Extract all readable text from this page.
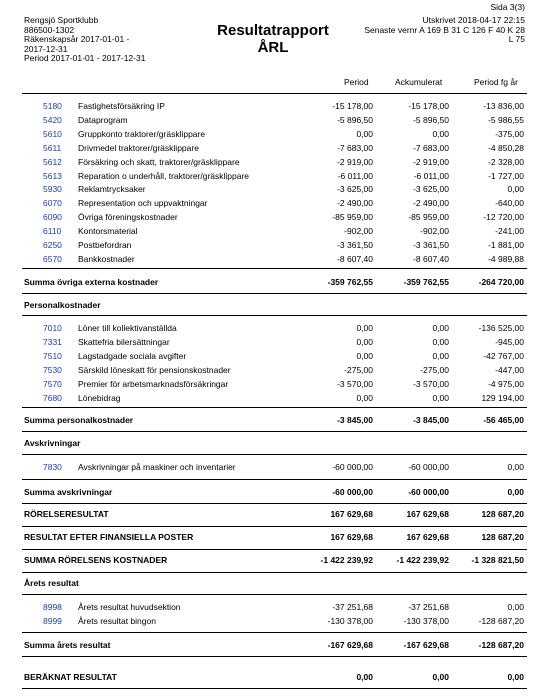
Sida 3(3)
Rengsjö Sportklubb
886500-1302
Räkenskapsår 2017-01-01 -
2017-12-31
Period 2017-01-01 - 2017-12-31
Resultatrapport
ÅRL
Utskrivet 2018-04-17 22:15
Senaste vernr A 169 B 31 C 126 F 40 K 28
L 75
Period	Ackumulerat	Period fg år
5180 Fastighetsförsäkring IP	-15 178,00	-15 178,00	-13 836,00
5420 Dataprogram	-5 896,50	-5 896,50	-5 986,55
5610 Gruppkonto traktorer/gräsklippare	0,00	0,00	-375,00
5611 Drivmedel traktorer/gräsklippare	-7 683,00	-7 683,00	-4 850,28
5612 Försäkring och skatt, traktorer/gräsklippare	-2 919,00	-2 919,00	-2 328,00
5613 Reparation o underhåll, traktorer/gräsklippare	-6 011,00	-6 011,00	-1 727,00
5930 Reklamtrycksaker	-3 625,00	-3 625,00	0,00
6070 Representation och uppvaktningar	-2 490,00	-2 490,00	-640,00
6090 Övriga föreningskostnader	-85 959,00	-85 959,00	-12 720,00
6110 Kontorsmaterial	-902,00	-902,00	-241,00
6250 Postbefordran	-3 361,50	-3 361,50	-1 881,00
6570 Bankkostnader	-8 607,40	-8 607,40	-4 989,88
Summa övriga externa kostnader	-359 762,55	-359 762,55	-264 720,00
Personalkostnader
7010 Löner till kollektivanställda	0,00	0,00	-136 525,00
7331 Skattefria bilersättningar	0,00	0,00	-945,00
7510 Lagstadgade sociala avgifter	0,00	0,00	-42 767,00
7530 Särskild löneskatt för pensionskostnader	-275,00	-275,00	-447,00
7570 Premier för arbetsmarknadsförsäkringar	-3 570,00	-3 570,00	-4 975,00
7680 Lönebidrag	0,00	0,00	129 194,00
Summa personalkostnader	-3 845,00	-3 845,00	-56 465,00
Avskrivningar
7830 Avskrivningar på maskiner och inventarier	-60 000,00	-60 000,00	0,00
Summa avskrivningar	-60 000,00	-60 000,00	0,00
RÖRELSERESULTAT	167 629,68	167 629,68	128 687,20
RESULTAT EFTER FINANSIELLA POSTER	167 629,68	167 629,68	128 687,20
SUMMA RÖRELSENS KOSTNADER	-1 422 239,92	-1 422 239,92	-1 328 821,50
Årets resultat
8998 Årets resultat huvudsektion	-37 251,68	-37 251,68	0,00
8999 Årets resultat bingon	-130 378,00	-130 378,00	-128 687,20
Summa årets resultat	-167 629,68	-167 629,68	-128 687,20
BERÄKNAT RESULTAT	0,00	0,00	0,00
